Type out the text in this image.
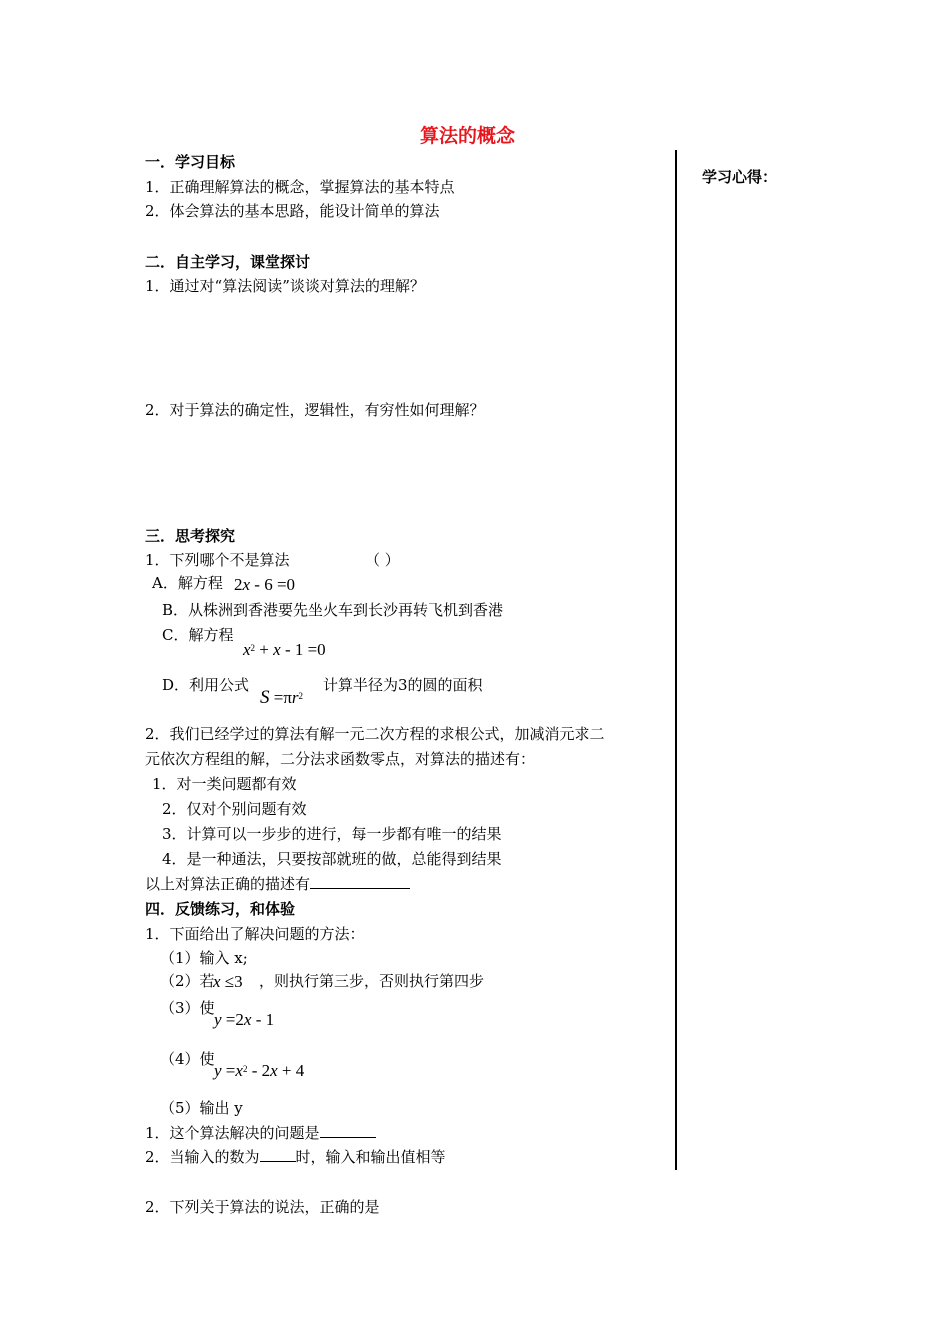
算法的概念
学习心得：
一．学习目标
1．正确理解算法的概念，掌握算法的基本特点
2．体会算法的基本思路，能设计简单的算法
二．自主学习，课堂探讨
1．通过对“算法阅读”谈谈对算法的理解？
2．对于算法的确定性，逻辑性，有穷性如何理解？
三．思考探究
1．下列哪个不是算法	（ ）
A．解方程 2x - 6 =0
B．从株洲到香港要先坐火车到长沙再转飞机到香港
C．解方程
$x^2 + x - 1 =0$
D．利用公式
$S =\pi r^2$
计算半径为3的圆的面积
2．我们已经学过的算法有解一元二次方程的求根公式，加减消元求二
元依次方程组的解，二分法求函数零点，对算法的描述有：
1．对一类问题都有效
2．仅对个别问题有效
3．计算可以一步步的进行，每一步都有唯一的结果
4．是一种通法，只要按部就班的做，总能得到结果
以上对算法正确的描述有
四．反馈练习，和体验
1．下面给出了解决问题的方法：
（1）输入 x;
（2）若
x ≤3 ，则执行第三步，否则执行第四步
（3）使
y =2x - 1
（4）使
$y =x^2 - 2x + 4$
（5）输出 y
1．这个算法解决的问题是
2．当输入的数为 时，输入和输出值相等
2．下列关于算法的说法，正确的是
